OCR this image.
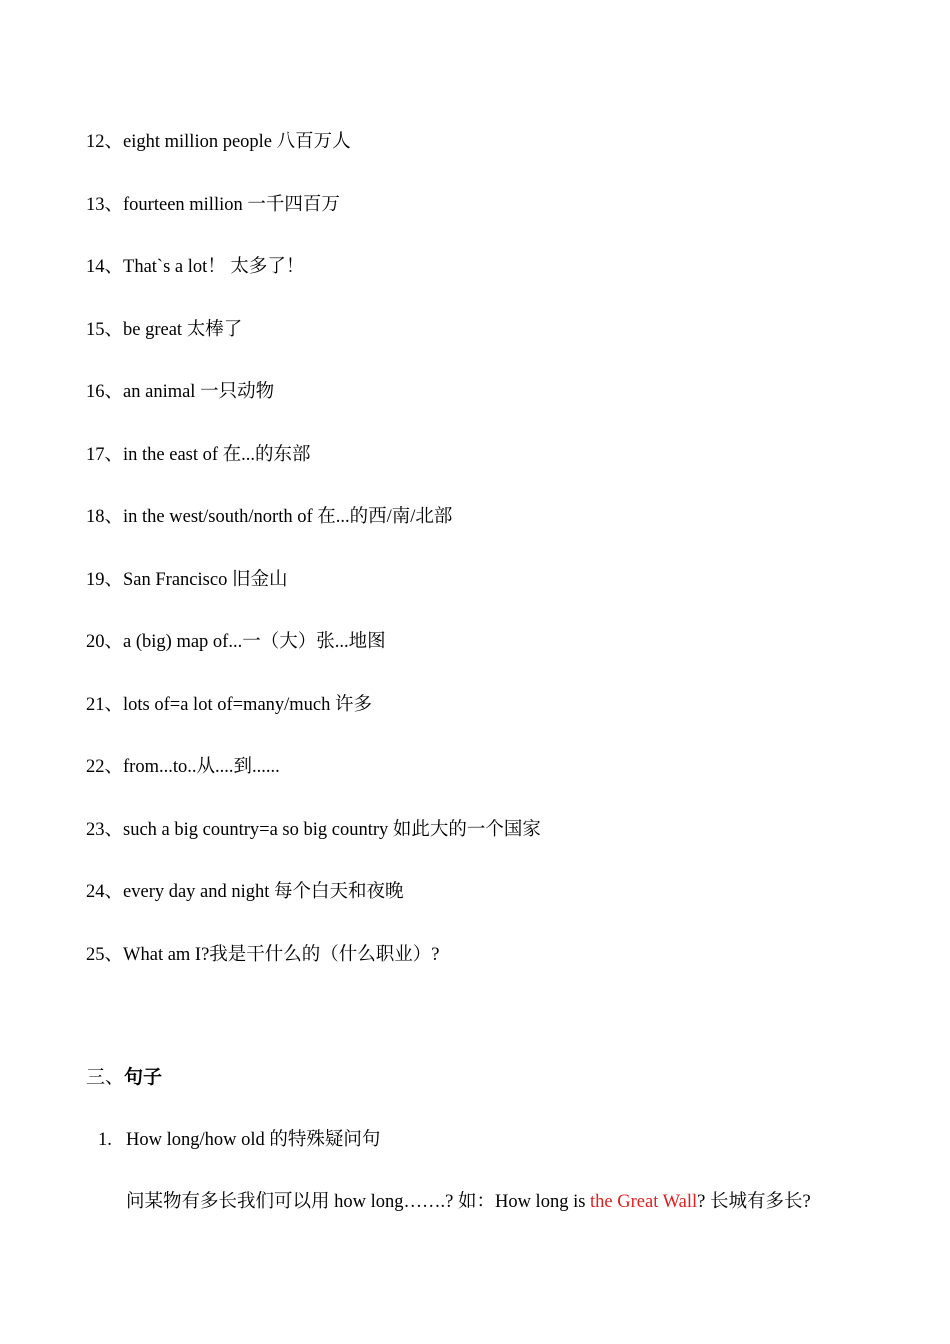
12、eight million people 八百万人
13、fourteen million 一千四百万
14、That`s a lot！ 太多了！
15、be great 太棒了
16、an animal 一只动物
17、in the east of 在...的东部
18、in the west/south/north of 在...的西/南/北部
19、San Francisco 旧金山
20、a (big) map of...一（大）张...地图
21、lots of=a lot of=many/much 许多
22、from...to..从....到......
23、such a big country=a so big country 如此大的一个国家
24、every day and night 每个白天和夜晚
25、What am I?我是干什么的（什么职业）?
三、句子
1. How long/how old 的特殊疑问句
问某物有多长我们可以用 how long…….? 如：How long is the Great Wall? 长城有多长?
